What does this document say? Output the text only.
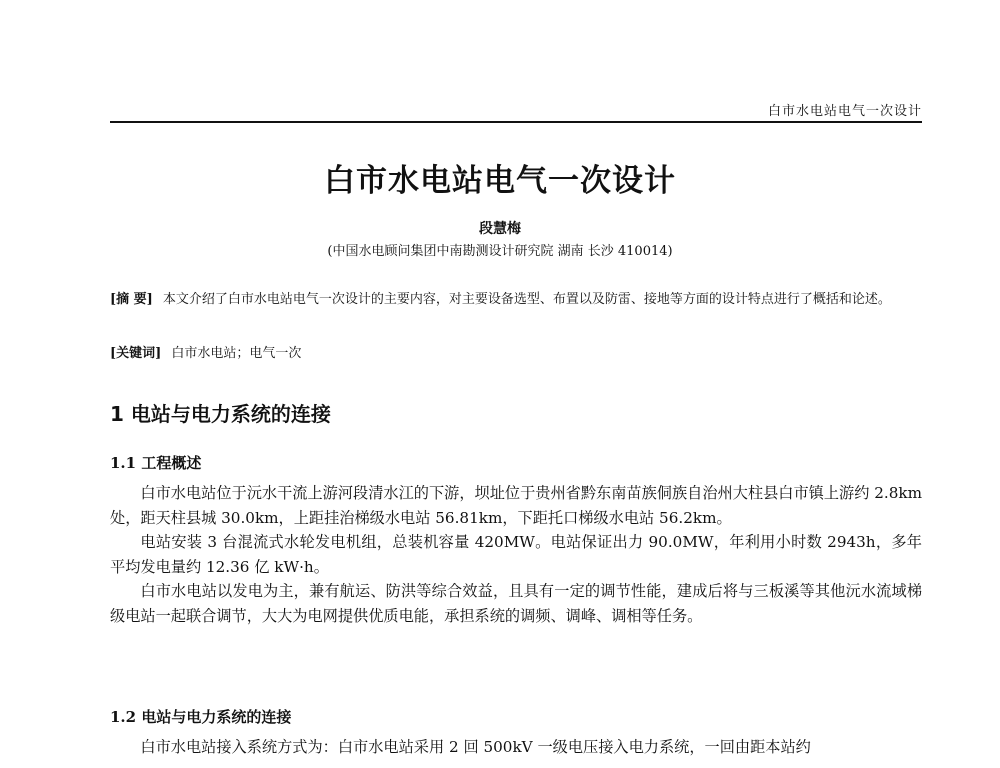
白市水电站电气一次设计
白市水电站电气一次设计
段慧梅
(中国水电顾问集团中南勘测设计研究院 湖南 长沙 410014)
[摘 要] 本文介绍了白市水电站电气一次设计的主要内容，对主要设备选型、布置以及防雷、接地等方面的设计特点进行了概括和论述。
[关键词] 白市水电站；电气一次
1 电站与电力系统的连接
1.1 工程概述

白市水电站位于沅水干流上游河段清水江的下游，坝址位于贵州省黔东南苗族侗族自治州大柱县白市镇上游约 2.8km 处，距天柱县城 30.0km，上距挂治梯级水电站 56.81km，下距托口梯级水电站 56.2km。

电站安装 3 台混流式水轮发电机组，总装机容量 420MW。电站保证出力 90.0MW，年利用小时数 2943h，多年平均发电量约 12.36 亿 kW·h。

白市水电站以发电为主，兼有航运、防洪等综合效益，且具有一定的调节性能，建成后将与三板溪等其他沅水流域梯级电站一起联合调节，大大为电网提供优质电能，承担系统的调频、调峰、调相等任务。

1.2 电站与电力系统的连接

白市水电站接入系统方式为：白市水电站采用 2 回 500kV 一级电压接入电力系统，一回由距本站约
